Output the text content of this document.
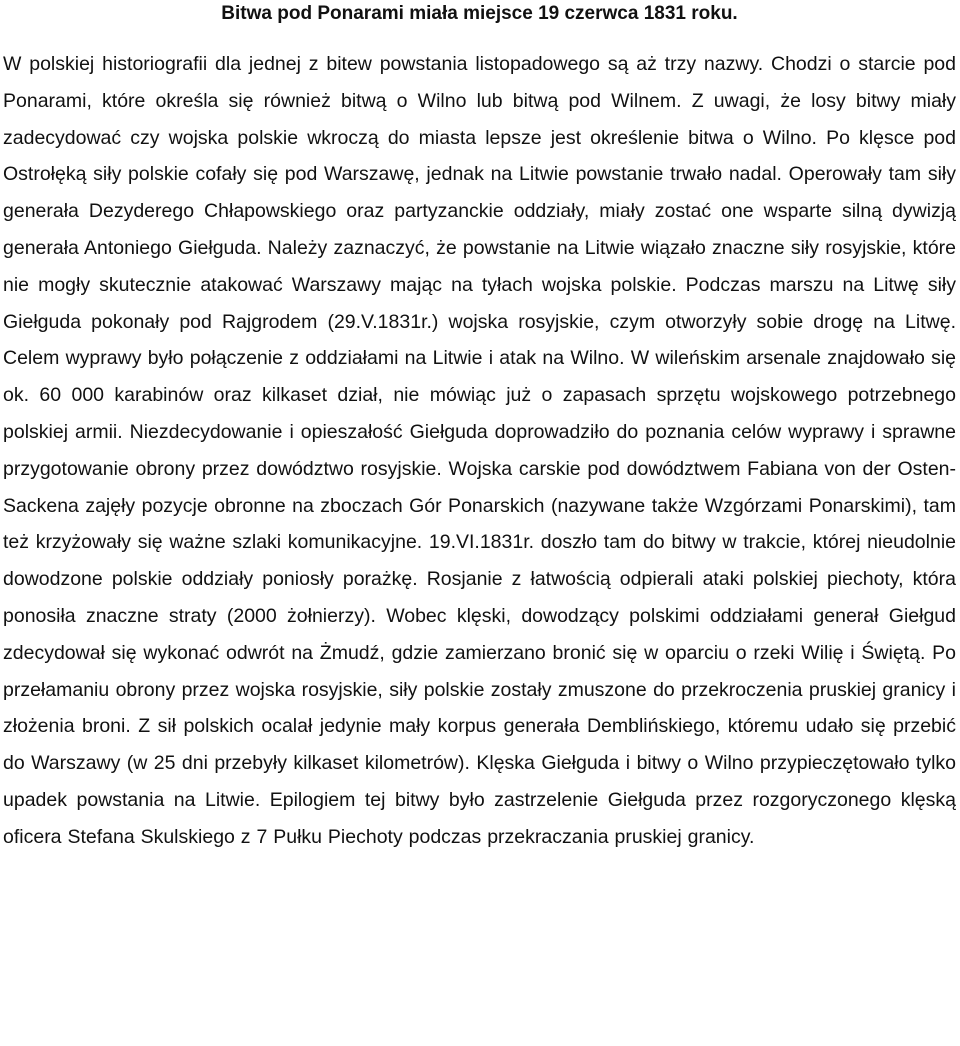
Bitwa pod Ponarami miała miejsce 19 czerwca 1831 roku.

W polskiej historiografii dla jednej z bitew powstania listopadowego są aż trzy nazwy. Chodzi o starcie pod Ponarami, które określa się również bitwą o Wilno lub bitwą pod Wilnem. Z uwagi, że losy bitwy miały zadecydować czy wojska polskie wkroczą do miasta lepsze jest określenie bitwa o Wilno. Po klęsce pod Ostrołęką siły polskie cofały się pod Warszawę, jednak na Litwie powstanie trwało nadal. Operowały tam siły generała Dezyderego Chłapowskiego oraz partyzanckie oddziały, miały zostać one wsparte silną dywizją generała Antoniego Giełguda. Należy zaznaczyć, że powstanie na Litwie wiązało znaczne siły rosyjskie, które nie mogły skutecznie atakować Warszawy mając na tyłach wojska polskie. Podczas marszu na Litwę siły Giełguda pokonały pod Rajgrodem (29.V.1831r.) wojska rosyjskie, czym otworzyły sobie drogę na Litwę. Celem wyprawy było połączenie z oddziałami na Litwie i atak na Wilno. W wileńskim arsenale znajdowało się ok. 60 000 karabinów oraz kilkaset dział, nie mówiąc już o zapasach sprzętu wojskowego potrzebnego polskiej armii. Niezdecydowanie i opieszałość Giełguda doprowadziło do poznania celów wyprawy i sprawne przygotowanie obrony przez dowództwo rosyjskie. Wojska carskie pod dowództwem Fabiana von der Osten-Sackena zajęły pozycje obronne na zboczach Gór Ponarskich (nazywane także Wzgórzami Ponarskimi), tam też krzyżowały się ważne szlaki komunikacyjne. 19.VI.1831r. doszło tam do bitwy w trakcie, której nieudolnie dowodzone polskie oddziały poniosły porażkę. Rosjanie z łatwością odpierali ataki polskiej piechoty, która ponosiła znaczne straty (2000 żołnierzy). Wobec klęski, dowodzący polskimi oddziałami generał Giełgud zdecydował się wykonać odwrót na Żmudź, gdzie zamierzano bronić się w oparciu o rzeki Wilię i Świętą. Po przełamaniu obrony przez wojska rosyjskie, siły polskie zostały zmuszone do przekroczenia pruskiej granicy i złożenia broni. Z sił polskich ocalał jedynie mały korpus generała Demblińskiego, któremu udało się przebić do Warszawy (w 25 dni przebyły kilkaset kilometrów). Klęska Giełguda i bitwy o Wilno przypieczętowało tylko upadek powstania na Litwie. Epilogiem tej bitwy było zastrzelenie Giełguda przez rozgoryczonego klęską oficera Stefana Skulskiego z 7 Pułku Piechoty podczas przekraczania pruskiej granicy.
